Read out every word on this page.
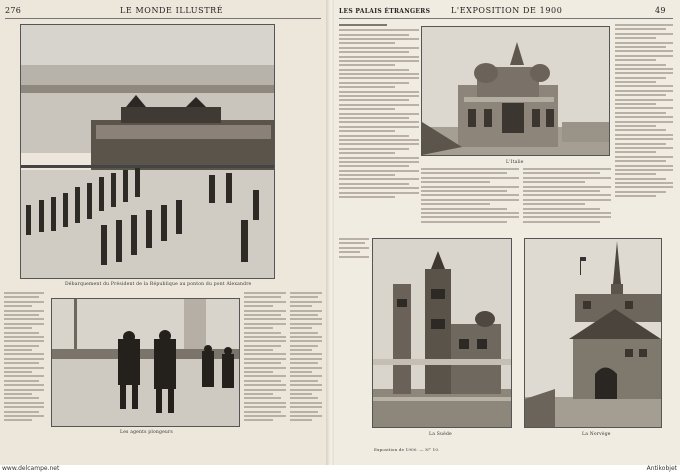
276	LE MONDE ILLUSTRÉ
Débarquement du Président de la République au ponton du pont Alexandre
Les agents plongeurs
LES PALAIS ÉTRANGERS	L'EXPOSITION DE 1900	49
L'Italie
La Suède	La Norvège
Exposition de 1900. — N° 10.
www.delcampe.net	Antikobjet
